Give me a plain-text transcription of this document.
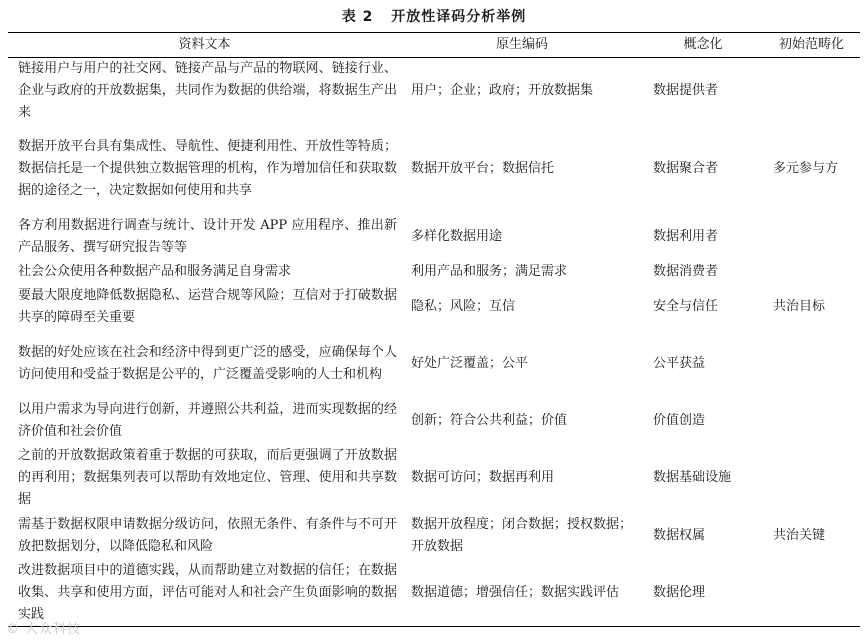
表 2 开放性译码分析举例
资料文本	原生编码	概念化	初始范畴化
链接用户与用户的社交网、链接产品与产品的物联网、链接行业、企业与政府的开放数据集，共同作为数据的供给端，将数据生产出来	用户；企业；政府；开放数据集	数据提供者	
数据开放平台具有集成性、导航性、便捷利用性、开放性等特质；数据信托是一个提供独立数据管理的机构，作为增加信任和获取数据的途径之一，决定数据如何使用和共享	数据开放平台；数据信托	数据聚合者	多元参与方
各方利用数据进行调查与统计、设计开发 APP 应用程序、推出新产品服务、撰写研究报告等等	多样化数据用途	数据利用者	
社会公众使用各种数据产品和服务满足自身需求	利用产品和服务；满足需求	数据消费者	
要最大限度地降低数据隐私、运营合规等风险；互信对于打破数据共享的障碍至关重要	隐私；风险；互信	安全与信任	共治目标
数据的好处应该在社会和经济中得到更广泛的感受，应确保每个人访问使用和受益于数据是公平的，广泛覆盖受影响的人士和机构	好处广泛覆盖；公平	公平获益	
以用户需求为导向进行创新，并遵照公共利益，进而实现数据的经济价值和社会价值	创新；符合公共利益；价值	价值创造	
之前的开放数据政策着重于数据的可获取，而后更强调了开放数据的再利用；数据集列表可以帮助有效地定位、管理、使用和共享数据	数据可访问；数据再利用	数据基础设施	
需基于数据权限申请数据分级访问，依照无条件、有条件与不可开放把数据划分，以降低隐私和风险	数据开放程度；闭合数据；授权数据；开放数据	数据权属	共治关键
改进数据项目中的道德实践，从而帮助建立对数据的信任；在数据收集、共享和使用方面，评估可能对人和社会产生负面影响的数据实践	数据道德；增强信任；数据实践评估	数据伦理	
© 大众科技
